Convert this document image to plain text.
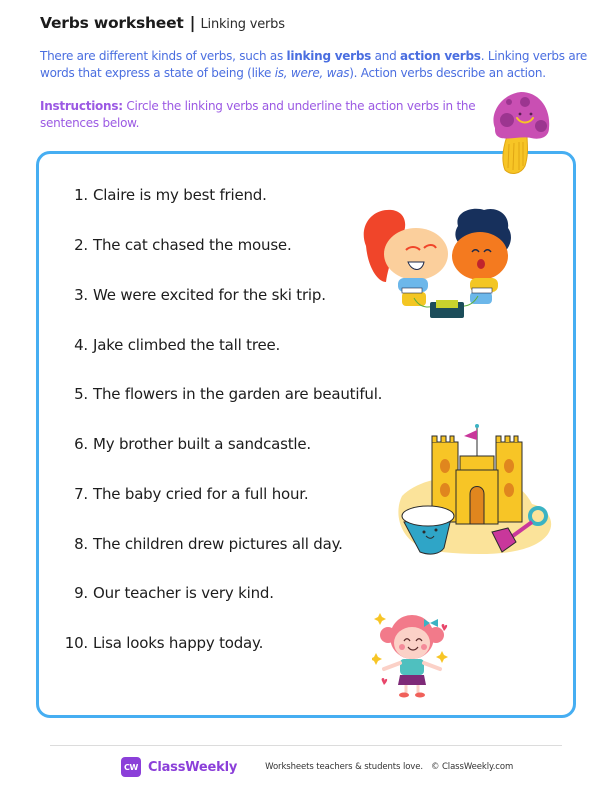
Verbs worksheet | Linking verbs

There are different kinds of verbs, such as linking verbs and action verbs. Linking verbs are words that express a state of being (like is, were, was). Action verbs describe an action.

Instructions: Circle the linking verbs and underline the action verbs in the sentences below.

1. Claire is my best friend.
2. The cat chased the mouse.
3. We were excited for the ski trip.
4. Jake climbed the tall tree.
5. The flowers in the garden are beautiful.
6. My brother built a sandcastle.
7. The baby cried for a full hour.
8. The children drew pictures all day.
9. Our teacher is very kind.
10. Lisa looks happy today.
CW ClassWeekly	Worksheets teachers & students love. © ClassWeekly.com
